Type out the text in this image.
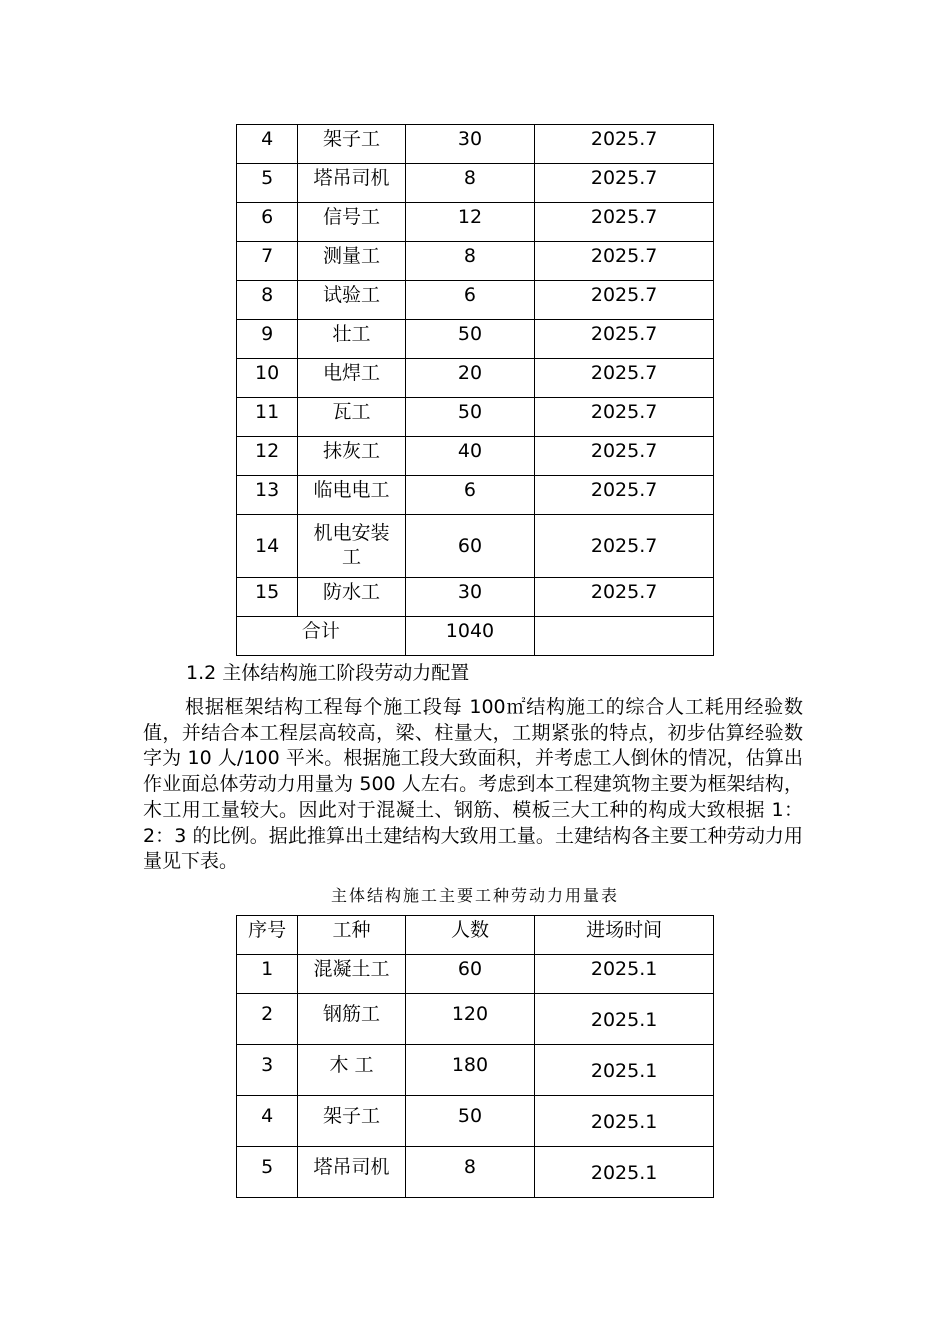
4	架子工	30	2025.7
5	塔吊司机	8	2025.7
6	信号工	12	2025.7
7	测量工	8	2025.7
8	试验工	6	2025.7
9	壮工	50	2025.7
10	电焊工	20	2025.7
11	瓦工	50	2025.7
12	抹灰工	40	2025.7
13	临电电工	6	2025.7
14	机电安装工	60	2025.7
15	防水工	30	2025.7
合计		1040	
1.2 主体结构施工阶段劳动力配置

根据框架结构工程每个施工段每 100㎡结构施工的综合人工耗用经验数值，并结合本工程层高较高，梁、柱量大，工期紧张的特点，初步估算经验数字为 10 人/100 平米。根据施工段大致面积，并考虑工人倒休的情况，估算出作业面总体劳动力用量为 500 人左右。考虑到本工程建筑物主要为框架结构，木工用工量较大。因此对于混凝土、钢筋、模板三大工种的构成大致根据 1：2：3 的比例。据此推算出土建结构大致用工量。土建结构各主要工种劳动力用量见下表。

主体结构施工主要工种劳动力用量表
序号	工种	人数	进场时间
1	混凝土工	60	2025.1
2	钢筋工	120	2025.1
3	木 工	180	2025.1
4	架子工	50	2025.1
5	塔吊司机	8	2025.1
